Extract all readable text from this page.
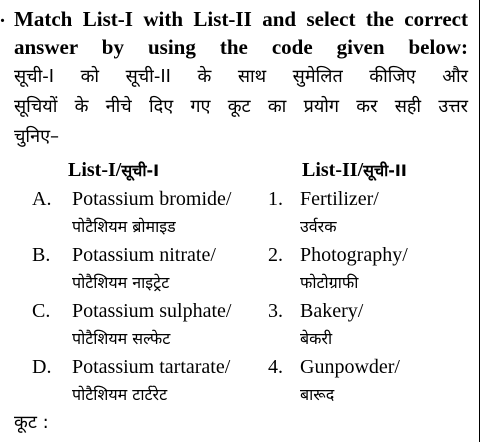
. Match List-I with List-II and select the correct
answer by using the code given below:
सूची-I को सूची-II के साथ सुमेलित कीजिए और
सूचियों के नीचे दिए गए कूट का प्रयोग कर सही उत्तर
चुनिए–
List-I/सूची-I	List-II/सूची-II
A. Potassium bromide/
पोटैशियम ब्रोमाइड
1. Fertilizer/
उर्वरक
B. Potassium nitrate/
पोटैशियम नाइट्रेट
2. Photography/
फोटोग्राफी
C. Potassium sulphate/
पोटैशियम सल्फेट
3. Bakery/
बेकरी
D. Potassium tartarate/
पोटैशियम टार्टरेट
4. Gunpowder/
बारूद
कूट :
